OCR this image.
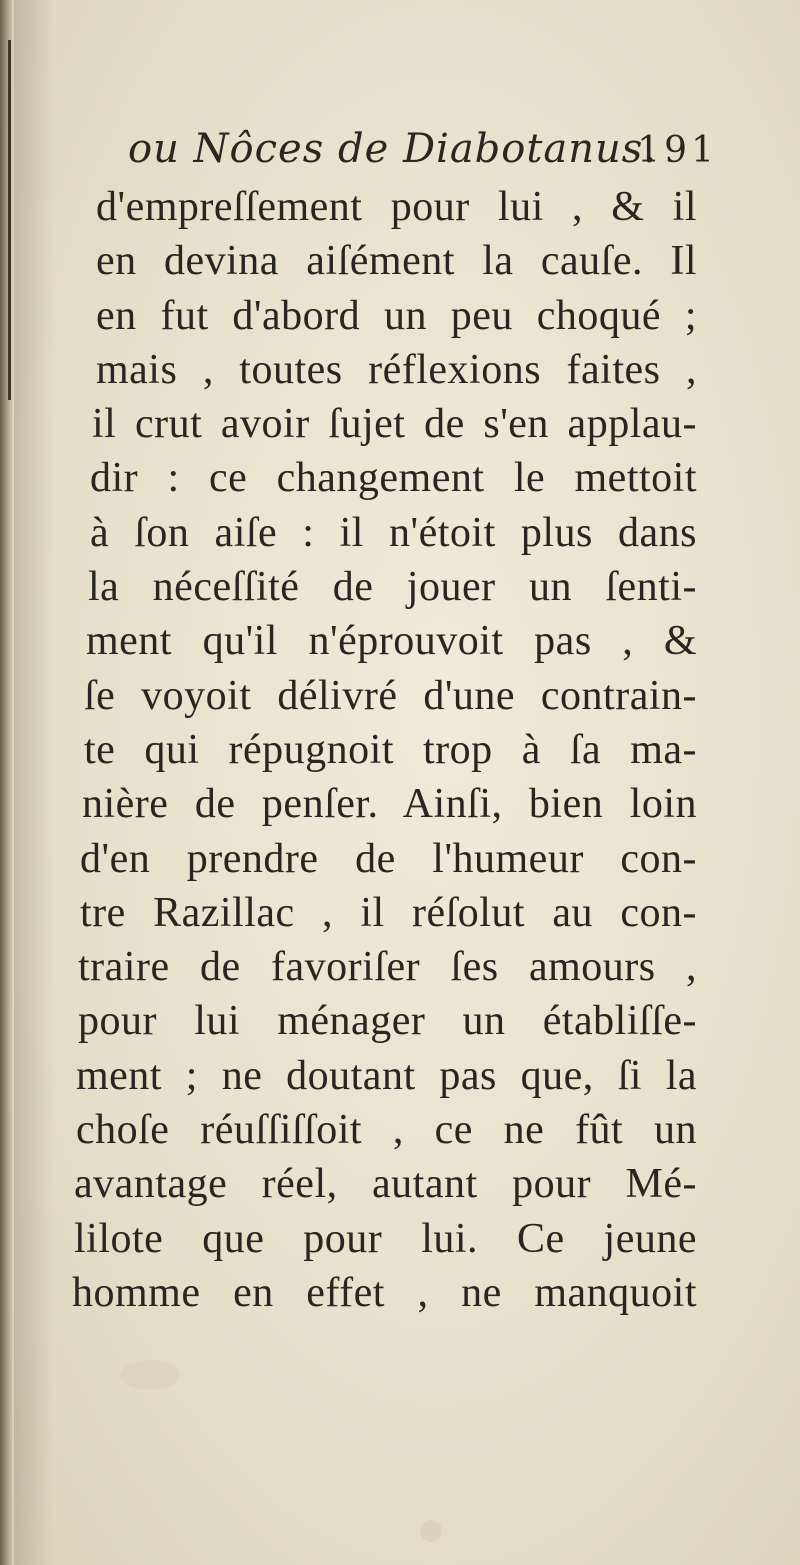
ou Nôces de Diabotanus.
191
d'empreſſement pour lui , & il
en devina aiſément la cauſe. Il
en fut d'abord un peu choqué ;
mais , toutes réflexions faites ,
il crut avoir ſujet de s'en applau-
dir : ce changement le mettoit
à ſon aiſe : il n'étoit plus dans
la néceſſité de jouer un ſenti-
ment qu'il n'éprouvoit pas , &
ſe voyoit délivré d'une contrain-
te qui répugnoit trop à ſa ma-
nière de penſer. Ainſi, bien loin
d'en prendre de l'humeur con-
tre Razillac , il réſolut au con-
traire de favoriſer ſes amours ,
pour lui ménager un établiſſe-
ment ; ne doutant pas que, ſi la
choſe réuſſiſſoit , ce ne fût un
avantage réel, autant pour Mé-
lilote que pour lui. Ce jeune
homme en effet , ne manquoit
